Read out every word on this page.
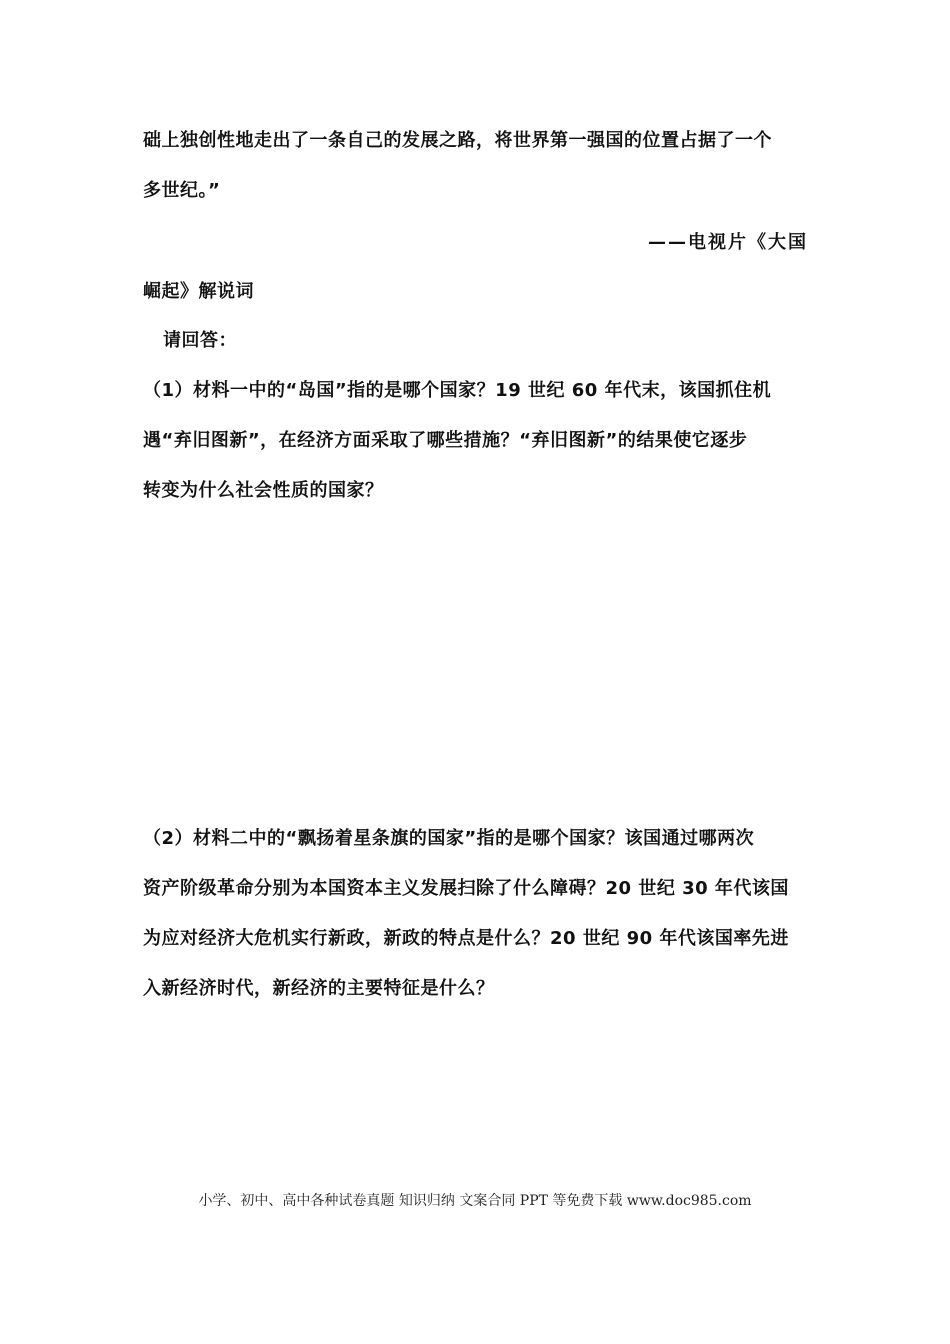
础上独创性地走出了一条自己的发展之路，将世界第一强国的位置占据了一个
多世纪。”
——电视片《大国
崛起》解说词
请回答：
（1）材料一中的“岛国”指的是哪个国家？19 世纪 60 年代末，该国抓住机
遇“弃旧图新”，在经济方面采取了哪些措施？“弃旧图新”的结果使它逐步
转变为什么社会性质的国家？
（2）材料二中的“飘扬着星条旗的国家”指的是哪个国家？该国通过哪两次
资产阶级革命分别为本国资本主义发展扫除了什么障碍？20 世纪 30 年代该国
为应对经济大危机实行新政，新政的特点是什么？20 世纪 90 年代该国率先进
入新经济时代，新经济的主要特征是什么？
小学、初中、高中各种试卷真题 知识归纳 文案合同 PPT 等免费下载 www.doc985.com
